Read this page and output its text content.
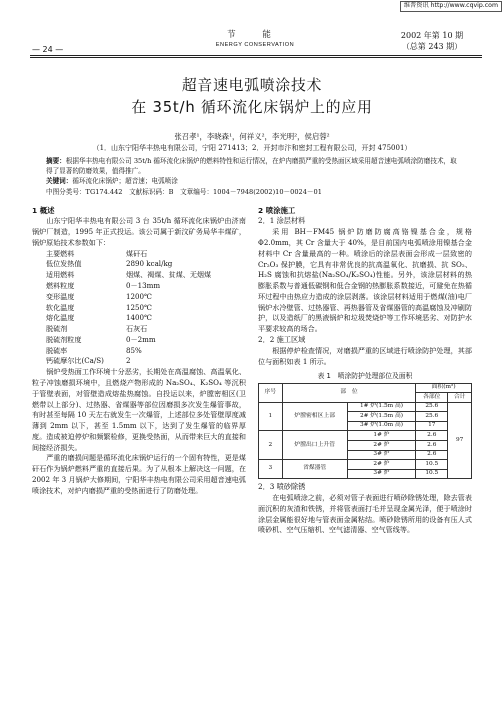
维普资讯 http://www.cqvip.com
— 24 —
节 能
ENERGY CONSERVATION
2002 年第 10 期
（总第 243 期）
超音速电弧喷涂技术
在 35t/h 循环流化床锅炉上的应用
张召孝¹，李晓森¹，何祥义²，李光明²，侯启蓉²
（1．山东宁阳华丰热电有限公司，宁阳 271413；2．开封市汴和密封工程有限公司，开封 475001）
摘要：根据华丰热电有限公司 35t/h 循环流化床锅炉的燃料特性和运行情况，在炉内磨损严重的受热面区域采用超音速电弧喷涂防磨技术，取得了显著的防磨效果，值得推广。
关键词：循环流化床锅炉；超音速；电弧喷涂
中图分类号：TG174.442　文献标识码：B　文章编号：1004－7948(2002)10－0024－01
1 概述

山东宁阳华丰热电有限公司 3 台 35t/h 循环流化床锅炉由济南锅炉厂制造，1995 年正式投运。该公司属于新汶矿务局华丰煤矿，锅炉原始技术参数如下：

主要燃料	煤矸石
低位发热值	2890 kcal/kg
适用燃料	烟煤、褐煤、贫煤、无烟煤
燃料粒度	0－13mm
变形温度	1200℃
软化温度	1250℃
熔化温度	1400℃
脱硫剂	石灰石
脱硫剂粒度	0－2mm
脱硫率	85%
钙硫摩尔比(Ca/S)	2

锅炉受热面工作环境十分恶劣，长期处在高温腐蚀、高温氧化、粒子冲蚀磨损环境中，且燃烧产物形成的 Na₂SO₄、K₂SO₄ 等沉积于管壁表面，对管壁造成熔盐热腐蚀。自投运以来，炉膛密相区(卫燃带以上部分)、过热器、省煤器等部位因磨损多次发生爆管事故，有时甚至每隔 10 天左右就发生一次爆管，上述部位多处管壁厚度减薄到 2mm 以下，甚至 1.5mm 以下，达到了发生爆管的临界厚度。造成被迫停炉和频繁检修，更换受热面，从而带来巨大的直接和间接经济损失。

严重的磨损问题是循环流化床锅炉运行的一个固有特性，更是煤矸石作为锅炉燃料严重的直接后果。为了从根本上解决这一问题，在 2002 年 3 月锅炉大修期间，宁阳华丰热电有限公司采用超音速电弧喷涂技术，对炉内磨损严重的受热面进行了防磨处理。

2 喷涂施工
2．1 涂层材料

采用 BH－FM45 锅炉防磨防腐高铬镍基合金，规格 Φ2.0mm，其 Cr 含量大于 40%，是目前国内电弧喷涂用镍基合金材料中 Cr 含量最高的一种。喷涂后的涂层表面会形成一层致密的 Cr₂O₃ 保护膜，它具有非常优良的抗高温氧化、抗磨损、抗 SO₂、H₂S 腐蚀和抗熔盐(Na₂SO₄/K₂SO₄)性能。另外，该涂层材料的热膨胀系数与普通低碳钢和低合金钢的热膨胀系数接近，可避免在热循环过程中由热应力造成的涂层剥落。该涂层材料适用于燃煤(油)电厂锅炉水冷壁管、过热器管、再热器管及省煤器管的高温腐蚀及冲刷防护，以及造纸厂的黑液锅炉和垃圾焚烧炉等工作环境恶劣、对防护水平要求较高的场合。

2．2 施工区域

根据停炉检查情况，对磨损严重的区域进行喷涂防护处理，其部位与面积如表 1 所示。

表 1　喷涂防护处理部位及面积
序号	部　位		面积(m²)	
			各部位	合计
1	炉膛密相区上部	1# 炉(1.5m 高)	25.6	97
		2# 炉(1.5m 高)	25.6	
		3# 炉(1.0m 高)	17	
2	炉膛出口上升管	1# 炉	2.6	
		2# 炉	2.6	
		3# 炉	2.6	
3	省煤器管	2# 炉	10.5	
		3# 炉	10.5	
2．3 喷砂除锈

在电弧喷涂之前，必须对管子表面进行喷砂除锈处理，除去管表面沉积的灰渣和铁锈，并将管表面打毛并呈现金属光泽，便于喷涂时涂层金属能很好地与管表面金属粘结。喷砂除锈所用的设备有压人式喷砂机、空气压缩机、空气滤清器、空气管线等。
